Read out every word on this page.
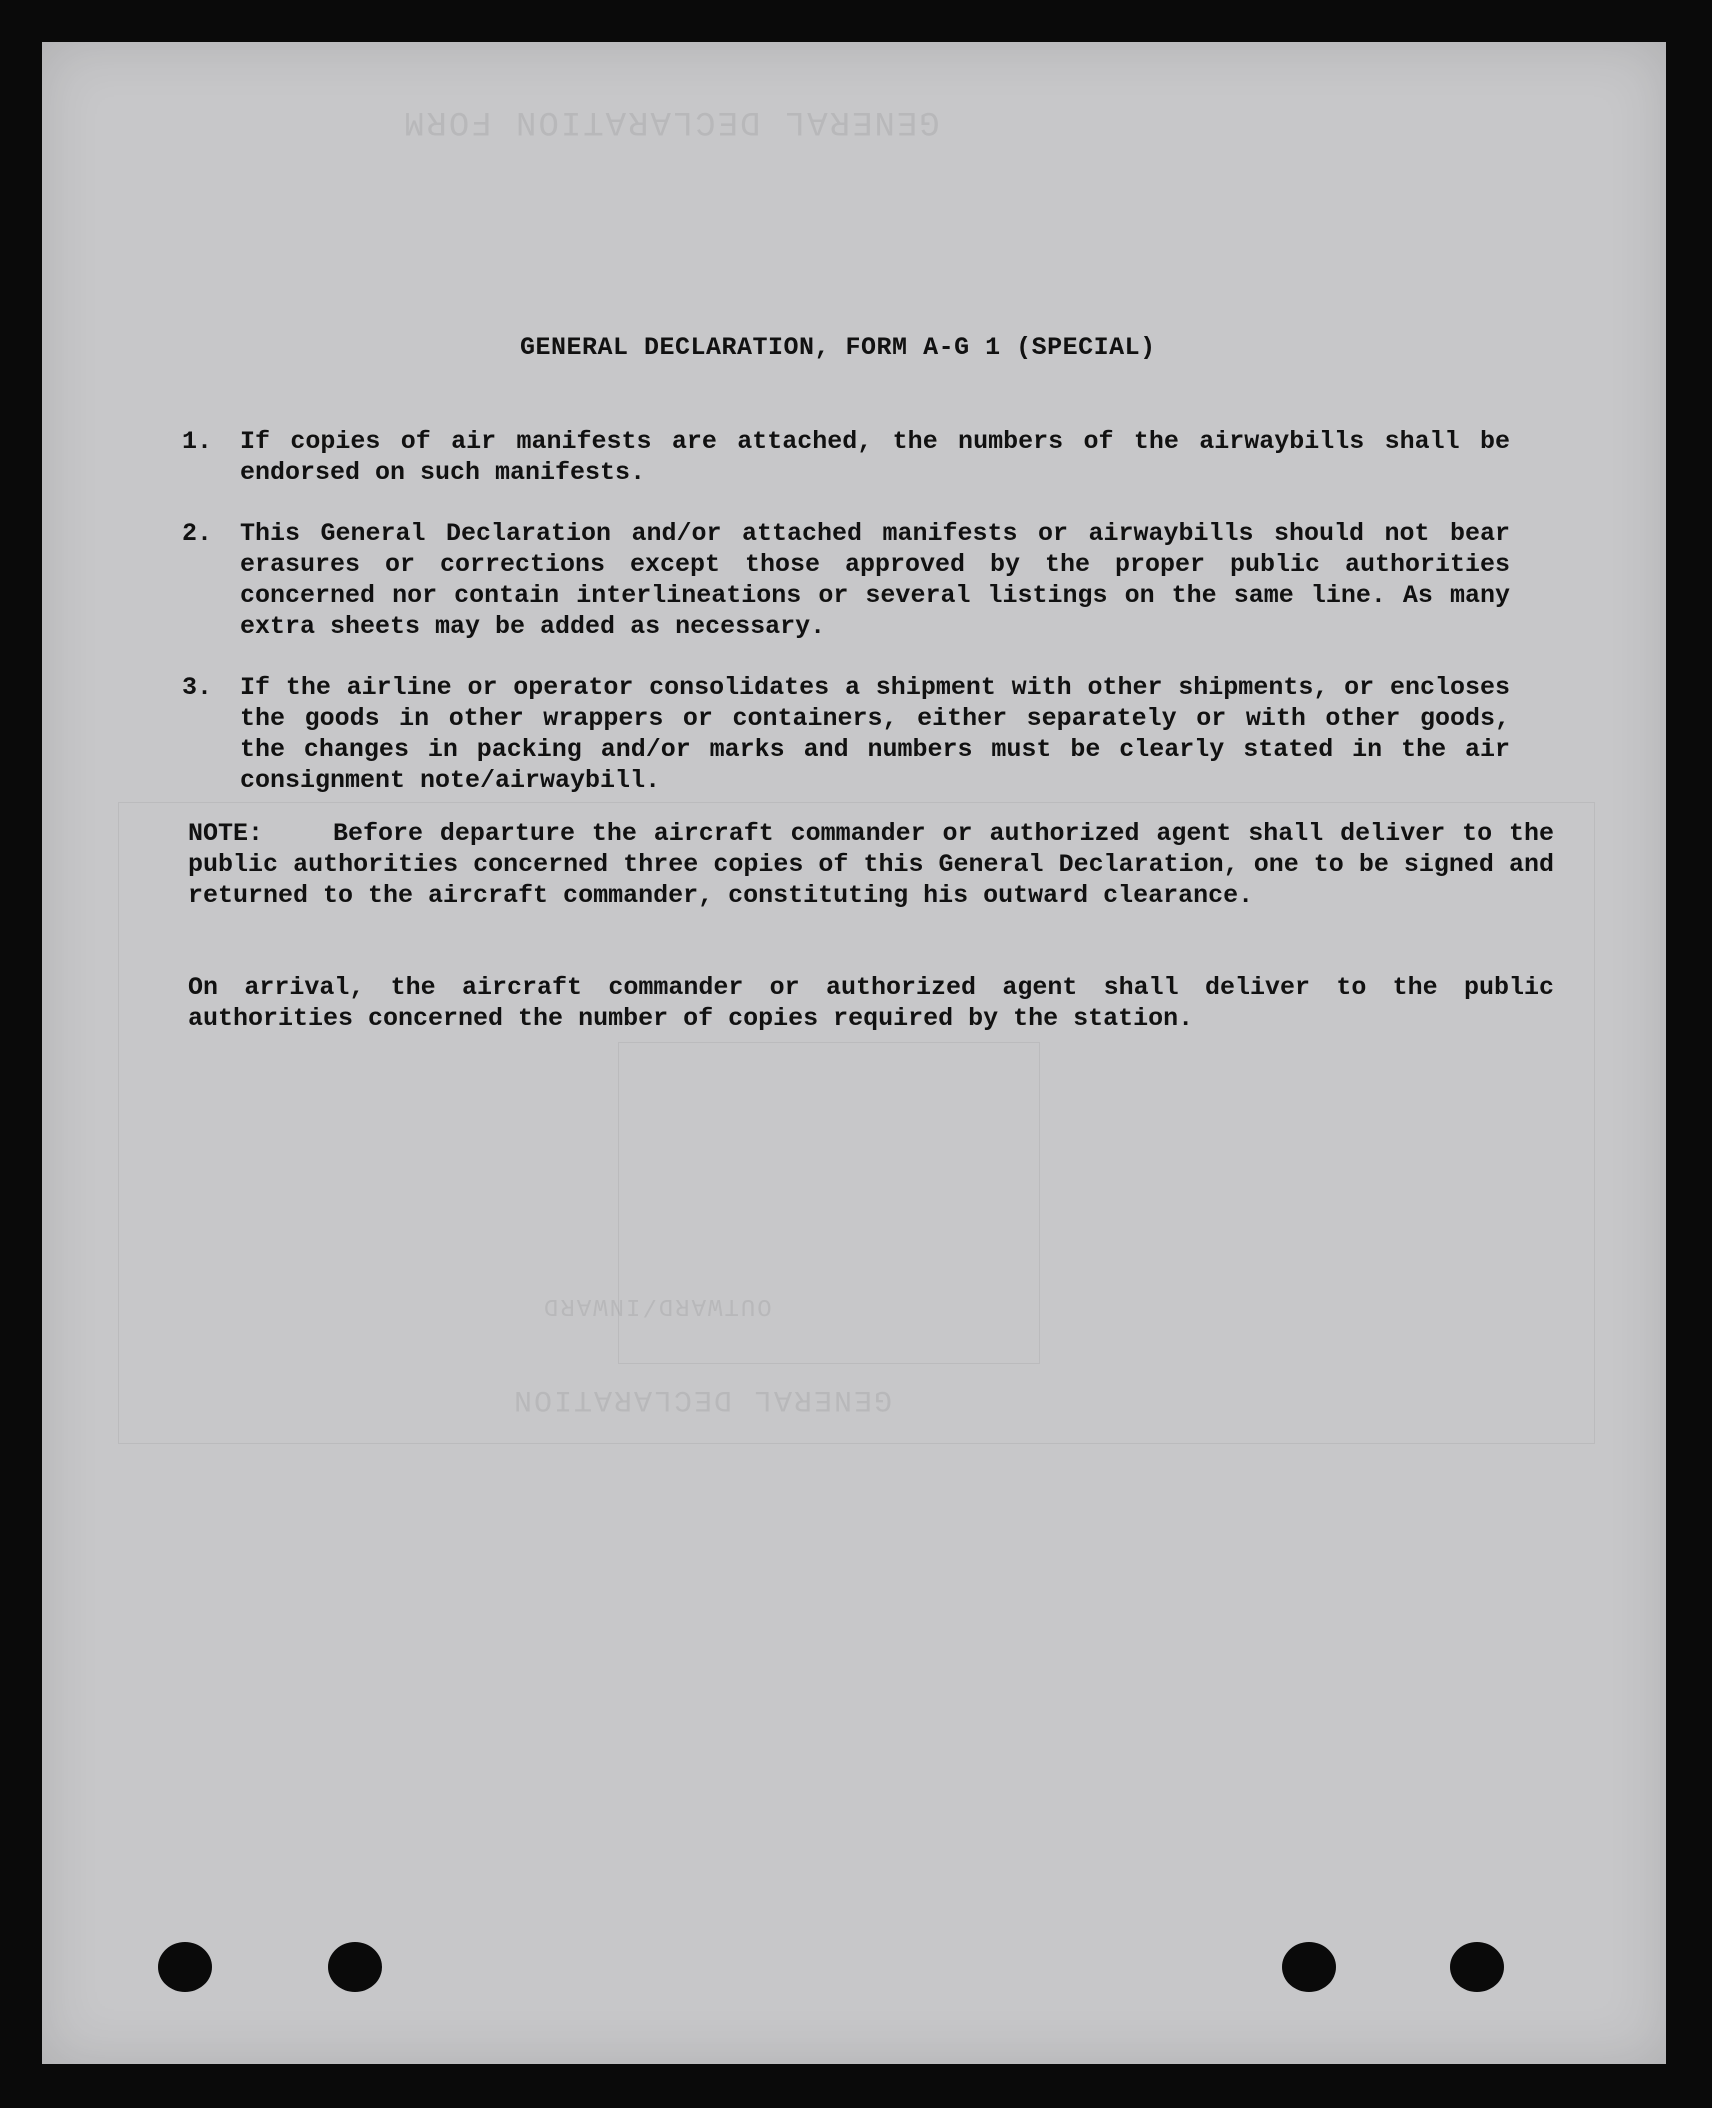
GENERAL DECLARATION FORM
GENERAL DECLARATION
OUTWARD/INWARD
GENERAL DECLARATION, FORM A-G 1 (SPECIAL)
1.	If copies of air manifests are attached, the numbers of the airwaybills shall be endorsed on such manifests.
2.	This General Declaration and/or attached manifests or airwaybills should not bear erasures or corrections except those approved by the proper public authorities concerned nor contain interlineations or several listings on the same line. As many extra sheets may be added as necessary.
3.	If the airline or operator consolidates a shipment with other shipments, or encloses the goods in other wrappers or containers, either separately or with other goods, the changes in packing and/or marks and numbers must be clearly stated in the air consignment note/airwaybill.
NOTE:	Before departure the aircraft commander or authorized agent shall deliver to the public authorities concerned three copies of this General Declaration, one to be signed and returned to the aircraft commander, constituting his outward clearance.
On arrival, the aircraft commander or authorized agent shall deliver to the public authorities concerned the number of copies required by the station.
